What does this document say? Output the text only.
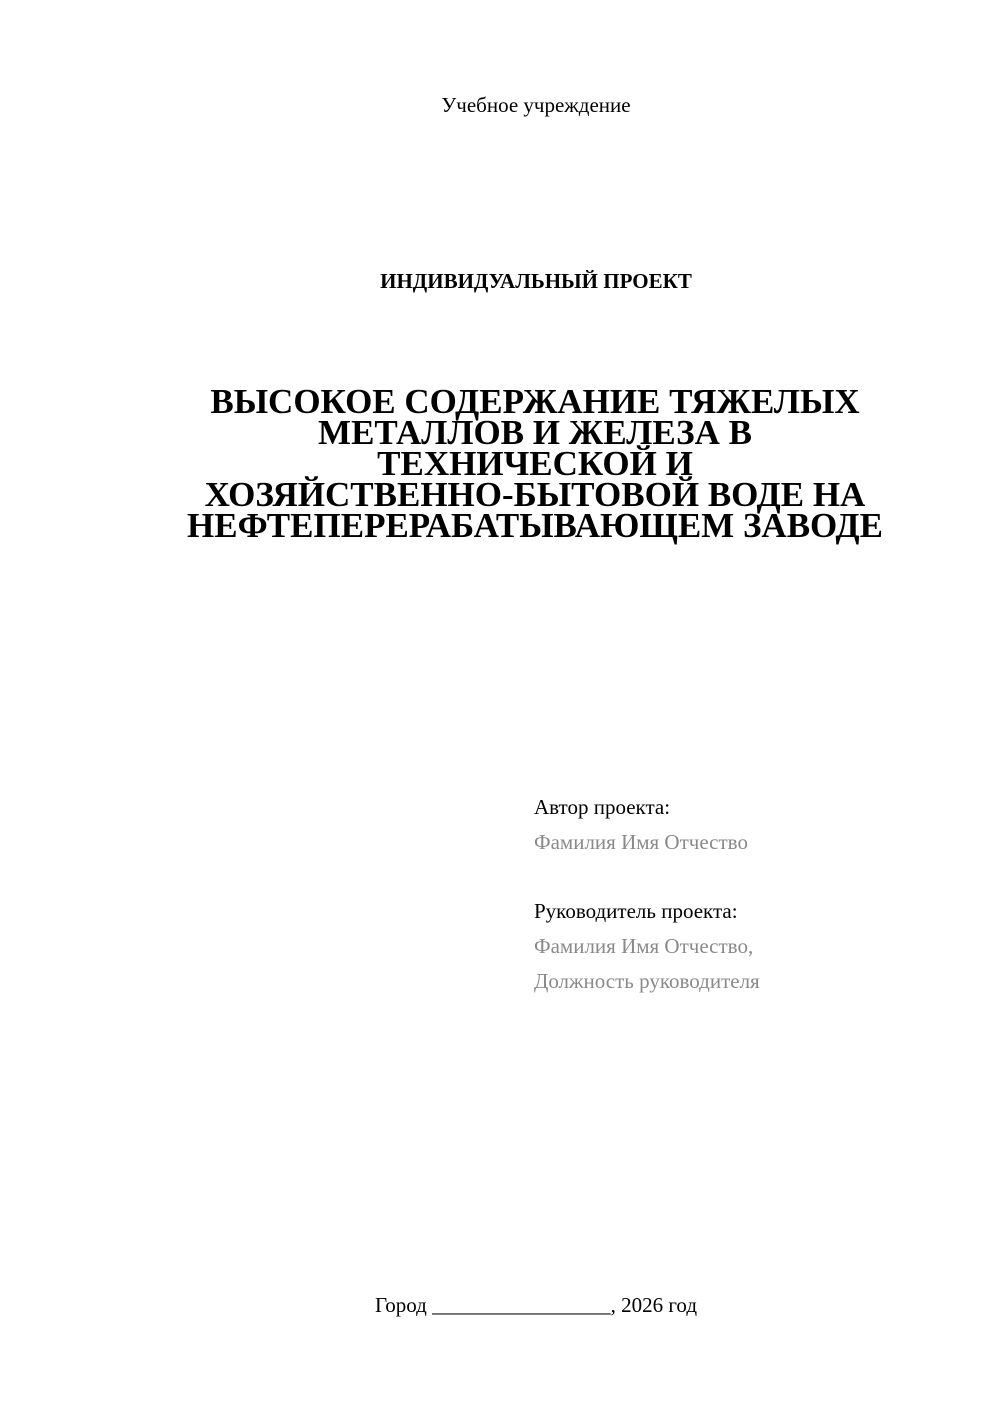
Учебное учреждение
ИНДИВИДУАЛЬНЫЙ ПРОЕКТ
ВЫСОКОЕ СОДЕРЖАНИЕ ТЯЖЕЛЫХ
МЕТАЛЛОВ И ЖЕЛЕЗА В
ТЕХНИЧЕСКОЙ И
ХОЗЯЙСТВЕННО-БЫТОВОЙ ВОДЕ НА
НЕФТЕПЕРЕРАБАТЫВАЮЩЕМ ЗАВОДЕ
Автор проекта:
Фамилия Имя Отчество
Руководитель проекта:
Фамилия Имя Отчество,
Должность руководителя
Город _________________, 2026 год
